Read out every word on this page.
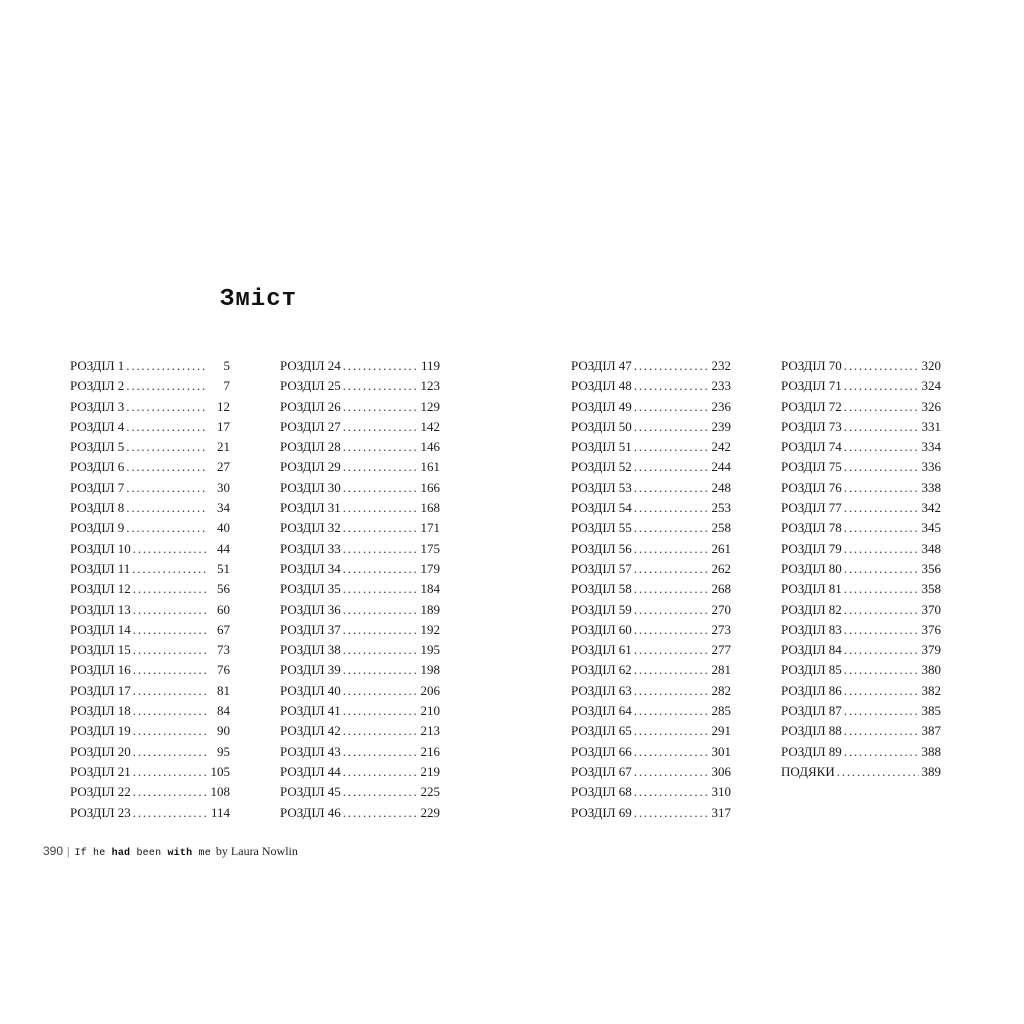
Зміст
РОЗДІЛ 1 .....	5
РОЗДІЛ 2 .....	7
РОЗДІЛ 3 .....	12
РОЗДІЛ 4 .....	17
РОЗДІЛ 5 .....	21
РОЗДІЛ 6 .....	27
РОЗДІЛ 7 .....	30
РОЗДІЛ 8 .....	34
РОЗДІЛ 9 .....	40
РОЗДІЛ 10 .....	44
РОЗДІЛ 11 .....	51
РОЗДІЛ 12 .....	56
РОЗДІЛ 13 .....	60
РОЗДІЛ 14 .....	67
РОЗДІЛ 15 .....	73
РОЗДІЛ 16 .....	76
РОЗДІЛ 17 .....	81
РОЗДІЛ 18 .....	84
РОЗДІЛ 19 .....	90
РОЗДІЛ 20 .....	95
РОЗДІЛ 21 .....	105
РОЗДІЛ 22 .....	108
РОЗДІЛ 23 .....	114
РОЗДІЛ 24 .....	119
РОЗДІЛ 25 .....	123
РОЗДІЛ 26 .....	129
РОЗДІЛ 27 .....	142
РОЗДІЛ 28 .....	146
РОЗДІЛ 29 .....	161
РОЗДІЛ 30 .....	166
РОЗДІЛ 31 .....	168
РОЗДІЛ 32 .....	171
РОЗДІЛ 33 .....	175
РОЗДІЛ 34 .....	179
РОЗДІЛ 35 .....	184
РОЗДІЛ 36 .....	189
РОЗДІЛ 37 .....	192
РОЗДІЛ 38 .....	195
РОЗДІЛ 39 .....	198
РОЗДІЛ 40 .....	206
РОЗДІЛ 41 .....	210
РОЗДІЛ 42 .....	213
РОЗДІЛ 43 .....	216
РОЗДІЛ 44 .....	219
РОЗДІЛ 45 .....	225
РОЗДІЛ 46 .....	229
РОЗДІЛ 47 .....	232
РОЗДІЛ 48 .....	233
РОЗДІЛ 49 .....	236
РОЗДІЛ 50 .....	239
РОЗДІЛ 51 .....	242
РОЗДІЛ 52 .....	244
РОЗДІЛ 53 .....	248
РОЗДІЛ 54 .....	253
РОЗДІЛ 55 .....	258
РОЗДІЛ 56 .....	261
РОЗДІЛ 57 .....	262
РОЗДІЛ 58 .....	268
РОЗДІЛ 59 .....	270
РОЗДІЛ 60 .....	273
РОЗДІЛ 61 .....	277
РОЗДІЛ 62 .....	281
РОЗДІЛ 63 .....	282
РОЗДІЛ 64 .....	285
РОЗДІЛ 65 .....	291
РОЗДІЛ 66 .....	301
РОЗДІЛ 67 .....	306
РОЗДІЛ 68 .....	310
РОЗДІЛ 69 .....	317
РОЗДІЛ 70 .....	320
РОЗДІЛ 71 .....	324
РОЗДІЛ 72 .....	326
РОЗДІЛ 73 .....	331
РОЗДІЛ 74 .....	334
РОЗДІЛ 75 .....	336
РОЗДІЛ 76 .....	338
РОЗДІЛ 77 .....	342
РОЗДІЛ 78 .....	345
РОЗДІЛ 79 .....	348
РОЗДІЛ 80 .....	356
РОЗДІЛ 81 .....	358
РОЗДІЛ 82 .....	370
РОЗДІЛ 83 .....	376
РОЗДІЛ 84 .....	379
РОЗДІЛ 85 .....	380
РОЗДІЛ 86 .....	382
РОЗДІЛ 87 .....	385
РОЗДІЛ 88 .....	387
РОЗДІЛ 89 .....	388
ПОДЯКИ .....	389
390 | If he had been with me by Laura Nowlin
